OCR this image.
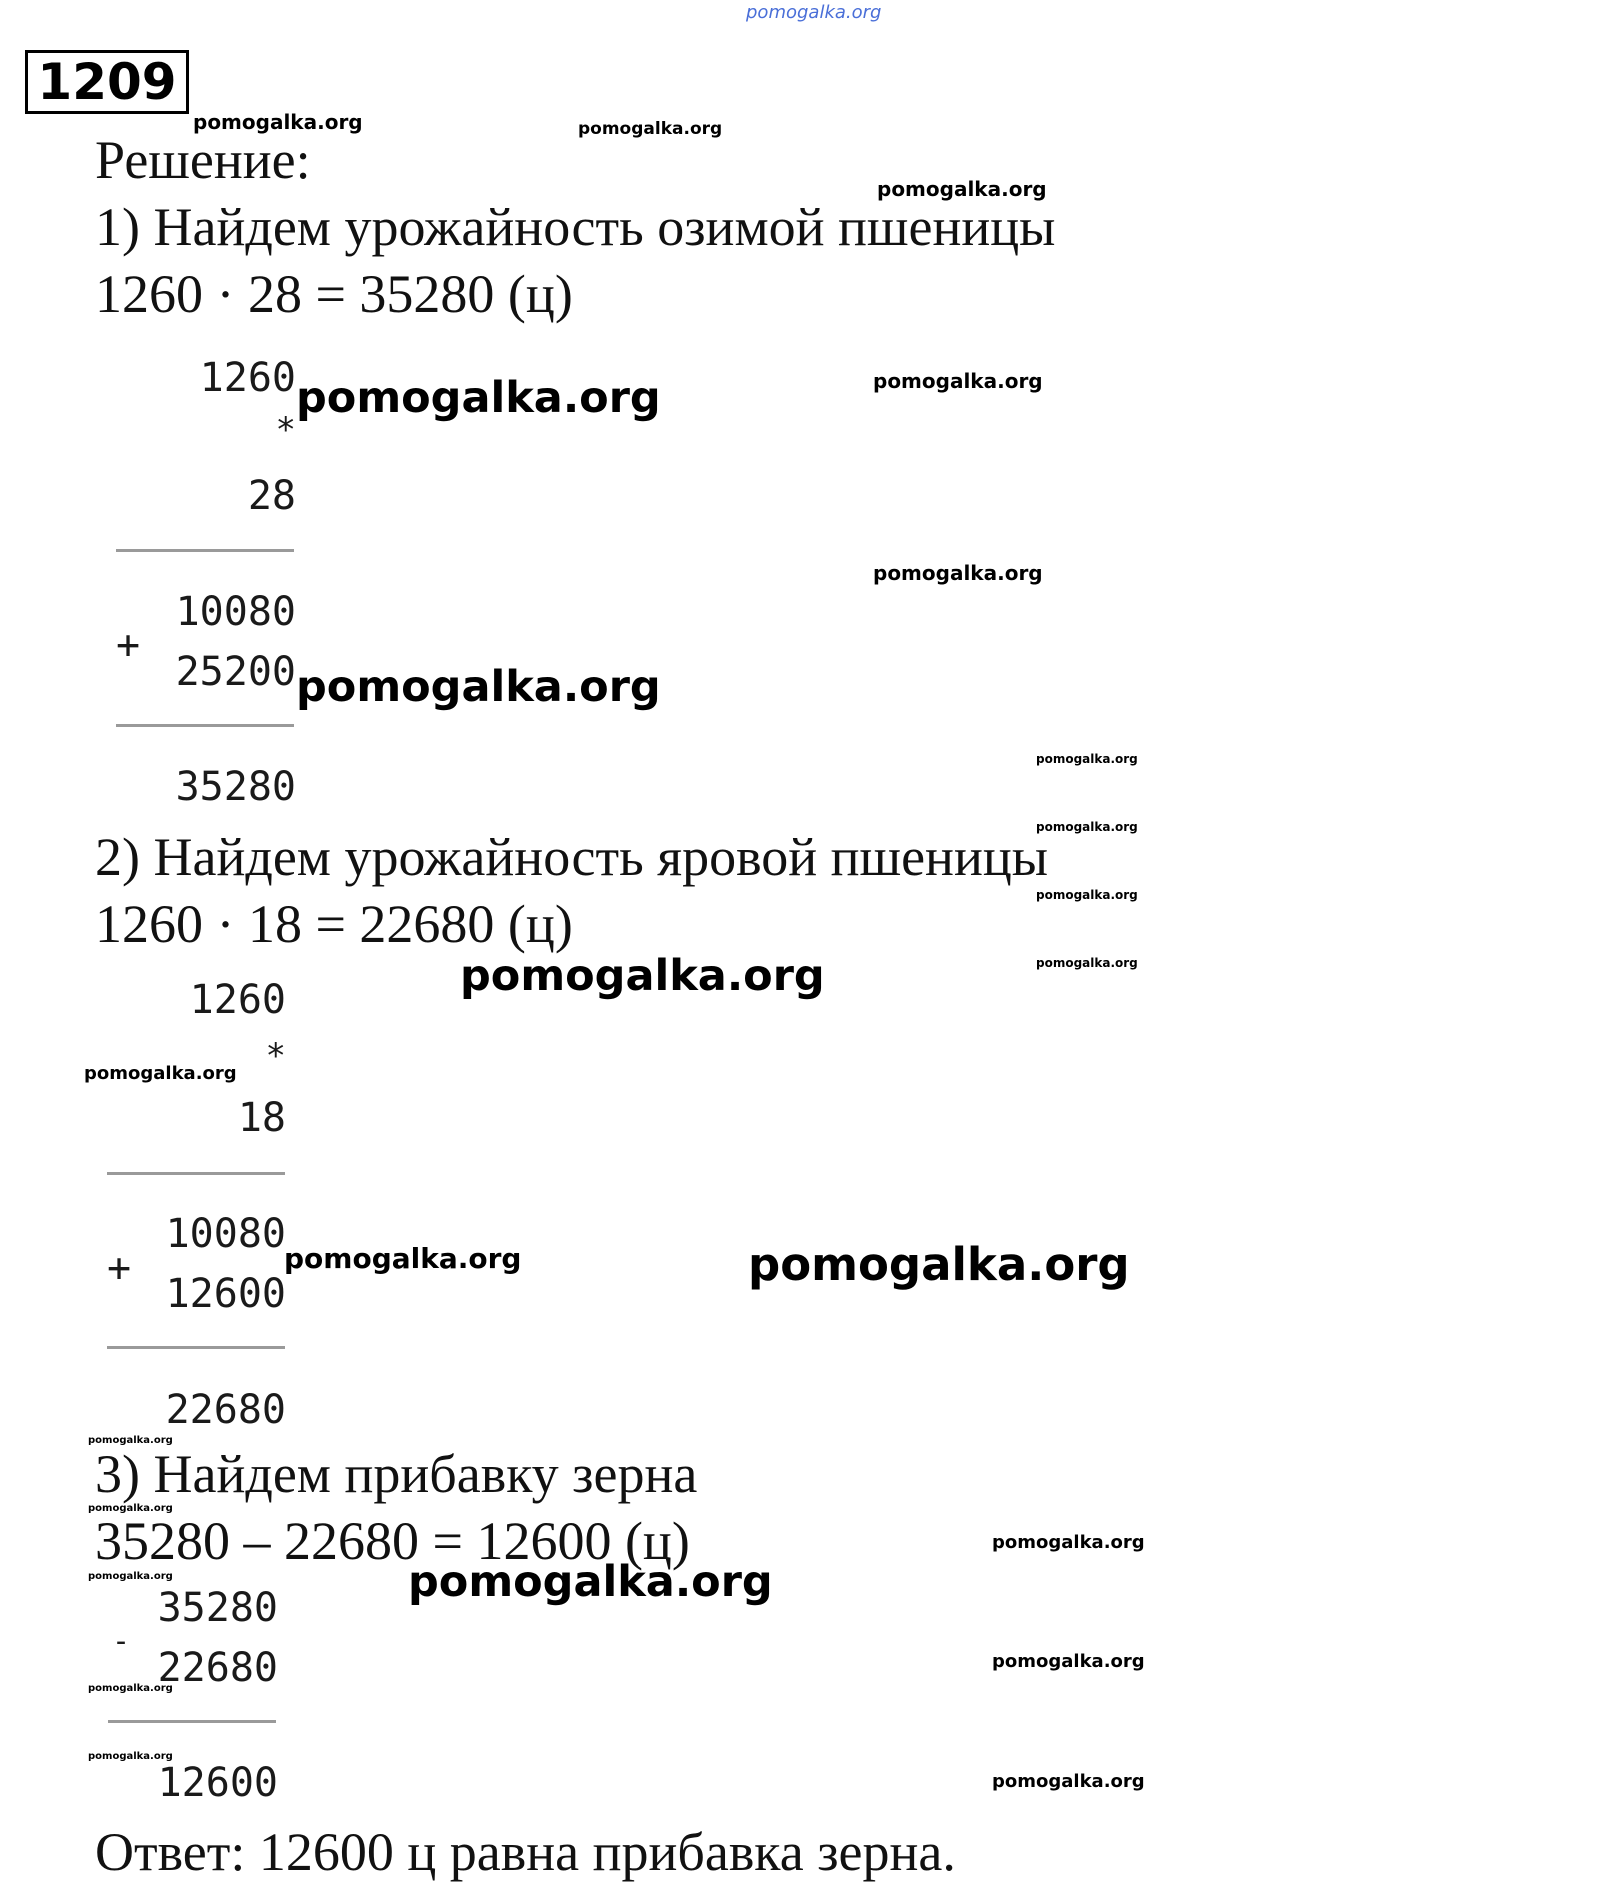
pomogalka.org
1209
Решение:
1) Найдем урожайность озимой пшеницы
1260 · 28 = 35280 (ц)
1260
*
28
10080
+
25200
35280
2) Найдем урожайность яровой пшеницы
1260 · 18 = 22680 (ц)
1260
*
18
10080
+
12600
22680
3) Найдем прибавку зерна
35280 – 22680 = 12600 (ц)
35280
-
22680
12600
Ответ: 12600 ц равна прибавка зерна.
pomogalka.org	pomogalka.org
pomogalka.org
pomogalka.org	pomogalka.org
pomogalka.org
pomogalka.org
pomogalka.org
pomogalka.org
pomogalka.org
pomogalka.org
pomogalka.org
pomogalka.org
pomogalka.org	pomogalka.org
pomogalka.org
pomogalka.org
pomogalka.org
pomogalka.org
pomogalka.org
pomogalka.org
pomogalka.org
pomogalka.org
pomogalka.org
